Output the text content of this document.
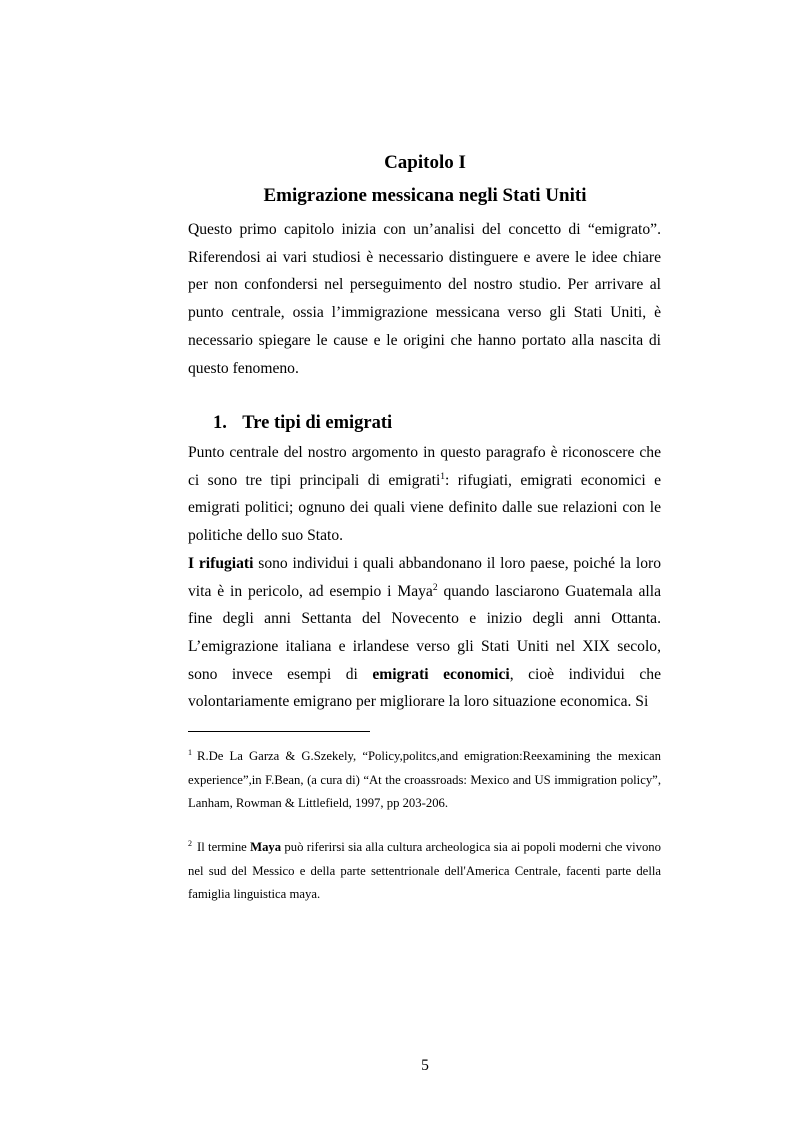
Capitolo I
Emigrazione messicana negli Stati Uniti

Questo primo capitolo inizia con un’analisi del concetto di “emigrato”. Riferendosi ai vari studiosi è necessario distinguere e avere le idee chiare per non confondersi nel perseguimento del nostro studio. Per arrivare al punto centrale, ossia l’immigrazione messicana verso gli Stati Uniti, è necessario spiegare le cause e le origini che hanno portato alla nascita di questo fenomeno.

1. Tre tipi di emigrati

Punto centrale del nostro argomento in questo paragrafo è riconoscere che ci sono tre tipi principali di emigrati$^1$: rifugiati, emigrati economici e emigrati politici; ognuno dei quali viene definito dalle sue relazioni con le politiche dello suo Stato.

I rifugiati sono individui i quali abbandonano il loro paese, poiché la loro vita è in pericolo, ad esempio i Maya$^2$ quando lasciarono Guatemala alla fine degli anni Settanta del Novecento e inizio degli anni Ottanta. L’emigrazione italiana e irlandese verso gli Stati Uniti nel XIX secolo, sono invece esempi di emigrati economici, cioè individui che volontariamente emigrano per migliorare la loro situazione economica. Si

$^1$ R.De La Garza & G.Szekely, “Policy,politcs,and emigration:Reexamining the mexican experience”,in F.Bean, (a cura di) “At the croassroads: Mexico and US immigration policy”, Lanham, Rowman & Littlefield, 1997, pp 203-206.

$^2$ Il termine Maya può riferirsi sia alla cultura archeologica sia ai popoli moderni che vivono nel sud del Messico e della parte settentrionale dell'America Centrale, facenti parte della famiglia linguistica maya.

5
